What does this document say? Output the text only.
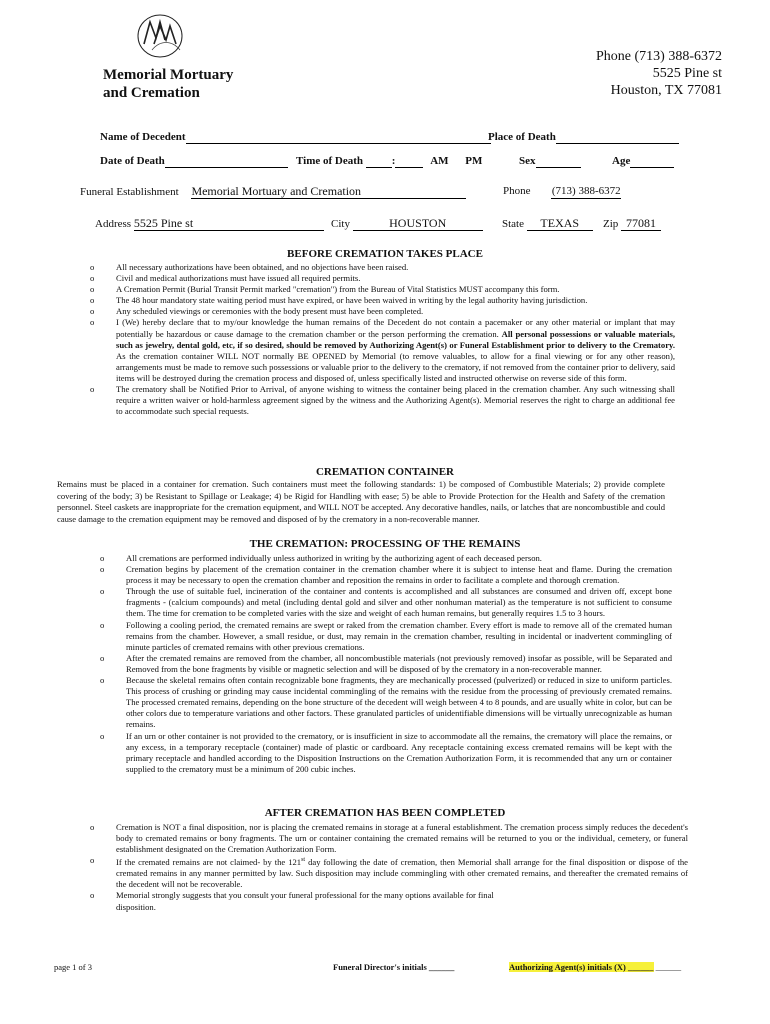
Memorial Mortuary
and Cremation
Phone (713) 388-6372
5525 Pine st
Houston, TX 77081
Name of Decedent	Place of Death
Date of Death	Time of Death	:	AM PM	Sex	Age
Funeral Establishment Memorial Mortuary and Cremation	Phone (713) 388-6372
Address 5525 Pine st	City	HOUSTON	State TEXAS	Zip 77081
BEFORE CREMATION TAKES PLACE
o	All necessary authorizations have been obtained, and no objections have been raised.
o	Civil and medical authorizations must have issued all required permits.
o	A Cremation Permit (Burial Transit Permit marked "cremation") from the Bureau of Vital Statistics MUST accompany this form.
o	The 48 hour mandatory state waiting period must have expired, or have been waived in writing by the legal authority having jurisdiction.
o	Any scheduled viewings or ceremonies with the body present must have been completed.
o	I (We) hereby declare that to my/our knowledge the human remains of the Decedent do not contain a pacemaker or any other material or implant that may potentially be hazardous or cause damage to the cremation chamber or the person performing the cremation. All personal possessions or valuable materials, such as jewelry, dental gold, etc, if so desired, should be removed by Authorizing Agent(s) or Funeral Establishment prior to delivery to the Crematory. As the cremation container WILL NOT normally BE OPENED by Memorial (to remove valuables, to allow for a final viewing or for any other reason), arrangements must be made to remove such possessions or valuable prior to the delivery to the crematory, if not removed from the container prior to delivery, said items will be destroyed during the cremation process and disposed of, unless specifically listed and instructed otherwise on reverse side of this form.
o	The crematory shall be Notified Prior to Arrival, of anyone wishing to witness the container being placed in the cremation chamber. Any such witnessing shall require a written waiver or hold-harmless agreement signed by the witness and the Authorizing Agent(s). Memorial reserves the right to charge an additional fee to accommodate such special requests.
CREMATION CONTAINER
Remains must be placed in a container for cremation. Such containers must meet the following standards: 1) be composed of Combustible Materials; 2) provide complete covering of the body; 3) be Resistant to Spillage or Leakage; 4) be Rigid for Handling with ease; 5) be able to Provide Protection for the Health and Safety of the cremation personnel. Steel caskets are inappropriate for the cremation equipment, and WILL NOT be accepted. Any decorative handles, nails, or latches that are noncombustible and could cause damage to the cremation equipment may be removed and disposed of by the crematory in a non-recoverable manner.
THE CREMATION: PROCESSING OF THE REMAINS
o	All cremations are performed individually unless authorized in writing by the authorizing agent of each deceased person.
o	Cremation begins by placement of the cremation container in the cremation chamber where it is subject to intense heat and flame. During the cremation process it may be necessary to open the cremation chamber and reposition the remains in order to facilitate a complete and thorough cremation.
o	Through the use of suitable fuel, incineration of the container and contents is accomplished and all substances are consumed and driven off, except bone fragments - (calcium compounds) and metal (including dental gold and silver and other nonhuman material) as the temperature is not sufficient to consume them. The time for cremation to be completed varies with the size and weight of each human remains, but generally requires 1.5 to 3 hours.
o	Following a cooling period, the cremated remains are swept or raked from the cremation chamber. Every effort is made to remove all of the cremated human remains from the chamber. However, a small residue, or dust, may remain in the cremation chamber, resulting in incidental or inadvertent commingling of minute particles of cremated remains with other previous cremations.
o	After the cremated remains are removed from the chamber, all noncombustible materials (not previously removed) insofar as possible, will be Separated and Removed from the bone fragments by visible or magnetic selection and will be disposed of by the crematory in a non-recoverable manner.
o	Because the skeletal remains often contain recognizable bone fragments, they are mechanically processed (pulverized) or reduced in size to uniform particles. This process of crushing or grinding may cause incidental commingling of the remains with the residue from the processing of previously cremated remains. The processed cremated remains, depending on the bone structure of the decedent will weigh between 4 to 8 pounds, and are usually white in color, but can be other colors due to temperature variations and other factors. These granulated particles of unidentifiable dimensions will be virtually unrecognizable as human remains.
o	If an urn or other container is not provided to the crematory, or is insufficient in size to accommodate all the remains, the crematory will place the remains, or any excess, in a temporary receptacle (container) made of plastic or cardboard. Any receptacle containing excess cremated remains will be kept with the primary receptacle and handled according to the Disposition Instructions on the Cremation Authorization Form, it is recommended that any urn or container supplied to the crematory must be a minimum of 200 cubic inches.
AFTER CREMATION HAS BEEN COMPLETED
o	Cremation is NOT a final disposition, nor is placing the cremated remains in storage at a funeral establishment. The cremation process simply reduces the decedent's body to cremated remains or bony fragments. The urn or container containing the cremated remains will be returned to you or the individual, cemetery, or funeral establishment designated on the Cremation Authorization Form.
o	If the cremated remains are not claimed- by the 121st day following the date of cremation, then Memorial shall arrange for the final disposition or dispose of the cremated remains in any manner permitted by law. Such disposition may include commingling with other cremated remains, and thereafter the cremated remains of the decedent will not be recoverable.
o	Memorial strongly suggests that you consult your funeral professional for the many options available for final disposition.
page 1 of 3	Funeral Director's initials ______	Authorizing Agent(s) initials (X) ______ ______
